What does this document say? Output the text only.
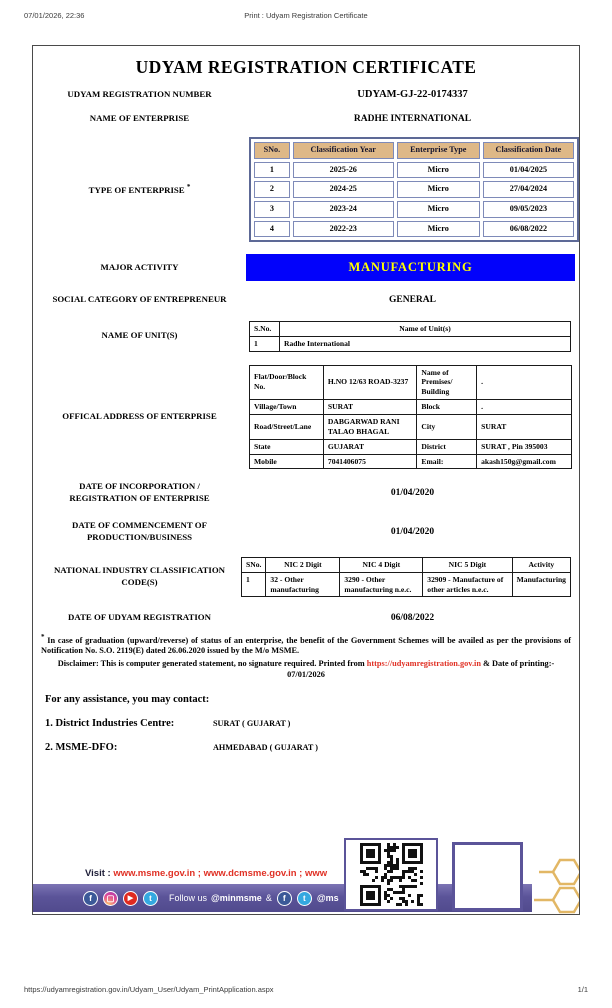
07/01/2026, 22:36	Print : Udyam Registration Certificate
UDYAM REGISTRATION CERTIFICATE
UDYAM REGISTRATION NUMBER	UDYAM-GJ-22-0174337
NAME OF ENTERPRISE	RADHE INTERNATIONAL
TYPE OF ENTERPRISE *
SNo.	Classification Year	Enterprise Type	Classification Date
1	2025-26	Micro	01/04/2025
2	2024-25	Micro	27/04/2024
3	2023-24	Micro	09/05/2023
4	2022-23	Micro	06/08/2022
MAJOR ACTIVITY	MANUFACTURING
SOCIAL CATEGORY OF ENTREPRENEUR	GENERAL
NAME OF UNIT(S)
S.No.	Name of Unit(s)
1	Radhe International
OFFICAL ADDRESS OF ENTERPRISE
Flat/Door/Block No.	H.NO 12/63 ROAD-3237	Name of Premises/ Building	.
Village/Town	SURAT	Block	.
Road/Street/Lane	DABGARWAD RANI TALAO BHAGAL	City	SURAT
State	GUJARAT	District	SURAT , Pin 395003
Mobile	7041406075	Email:	akash150g@gmail.com
DATE OF INCORPORATION / REGISTRATION OF ENTERPRISE	01/04/2020
DATE OF COMMENCEMENT OF PRODUCTION/BUSINESS	01/04/2020
NATIONAL INDUSTRY CLASSIFICATION CODE(S)
SNo.	NIC 2 Digit	NIC 4 Digit	NIC 5 Digit	Activity
1	32 - Other manufacturing	3290 - Other manufacturing n.e.c.	32909 - Manufacture of other articles n.e.c.	Manufacturing
DATE OF UDYAM REGISTRATION	06/08/2022
* In case of graduation (upward/reverse) of status of an enterprise, the benefit of the Government Schemes will be availed as per the provisions of Notification No. S.O. 2119(E) dated 26.06.2020 issued by the M/o MSME.
Disclaimer: This is computer generated statement, no signature required. Printed from https://udyamregistration.gov.in & Date of printing:-
07/01/2026
For any assistance, you may contact:
1. District Industries Centre:	SURAT ( GUJARAT )
2. MSME-DFO:	AHMEDABAD ( GUJARAT )
Visit : www.msme.gov.in ; www.dcmsme.gov.in ; www
f	▢	▶	t	Follow us @minmsme &	f	t	@ms
https://udyamregistration.gov.in/Udyam_User/Udyam_PrintApplication.aspx	1/1
